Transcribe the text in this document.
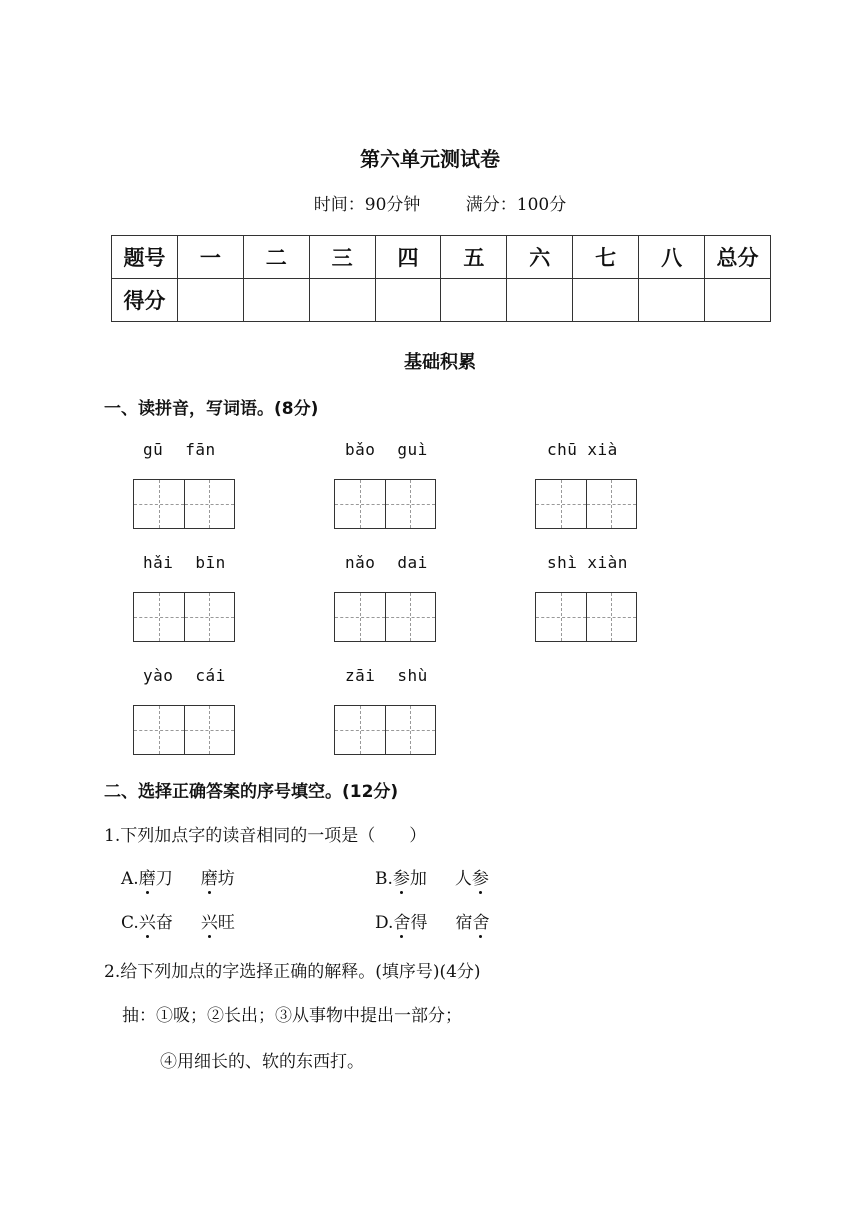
第六单元测试卷
时间：90分钟	满分：100分
题号	一	二	三	四	五	六	七	八	总分
得分									
基础积累
一、读拼音，写词语。(8分)
gū fān	bǎo guì	chū xià
hǎi bīn	nǎo dai	shì xiàn
yào cái	zāi shù
二、选择正确答案的序号填空。(12分)
1.下列加点字的读音相同的一项是（　　）
A.磨刀 磨坊	B.参加 人参
C.兴奋 兴旺	D.舍得 宿舍
2.给下列加点的字选择正确的解释。(填序号)(4分)
抽：①吸；②长出；③从事物中提出一部分；
④用细长的、软的东西打。
